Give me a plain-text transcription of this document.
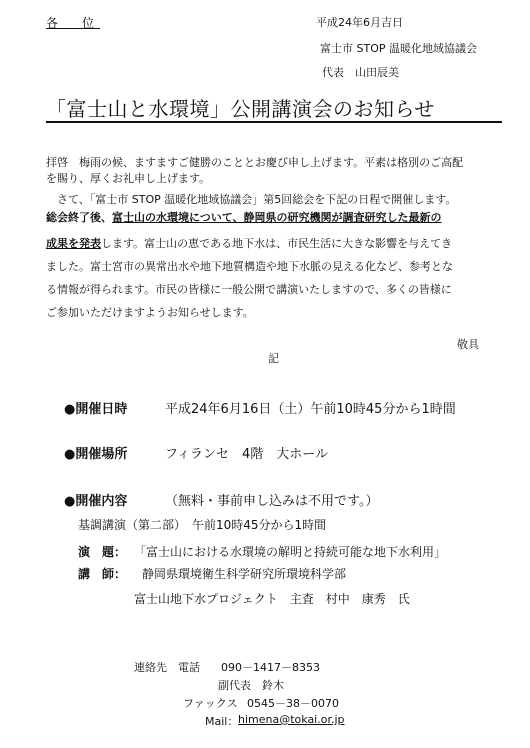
各　位	平成24年6月吉日
富士市 STOP 温暖化地域協議会
代表　山田辰美
「富士山と水環境」公開講演会のお知らせ
拝啓　梅雨の候、ますますご健勝のこととお慶び申し上げます。平素は格別のご高配
を賜り、厚くお礼申し上げます。
　さて、「富士市 STOP 温暖化地域協議会」第5回総会を下記の日程で開催します。
総会終了後、富士山の水環境について、静岡県の研究機関が調査研究した最新の
成果を発表します。富士山の恵である地下水は、市民生活に大きな影響を与えてき
ました。富士宮市の異常出水や地下地質構造や地下水脈の見える化など、参考とな
る情報が得られます。市民の皆様に一般公開で講演いたしますので、多くの皆様に
ご参加いただけますようお知らせします。
敬具
記
●開催日時	平成24年6月16日（土）午前10時45分から1時間
●開催場所	フィランセ　4階　大ホール
●開催内容	（無料・事前申し込みは不用です。）
基調講演（第二部）　午前10時45分から1時間
演　題： 「富士山における水環境の解明と持続可能な地下水利用」
講　師： 静岡県環境衛生科学研究所環境科学部
富士山地下水プロジェクト　主査　村中　康秀　氏
連絡先　電話 090－1417－8353
副代表　鈴木
ファックス 0545－38－0070
Mail： himena@tokai.or.jp
